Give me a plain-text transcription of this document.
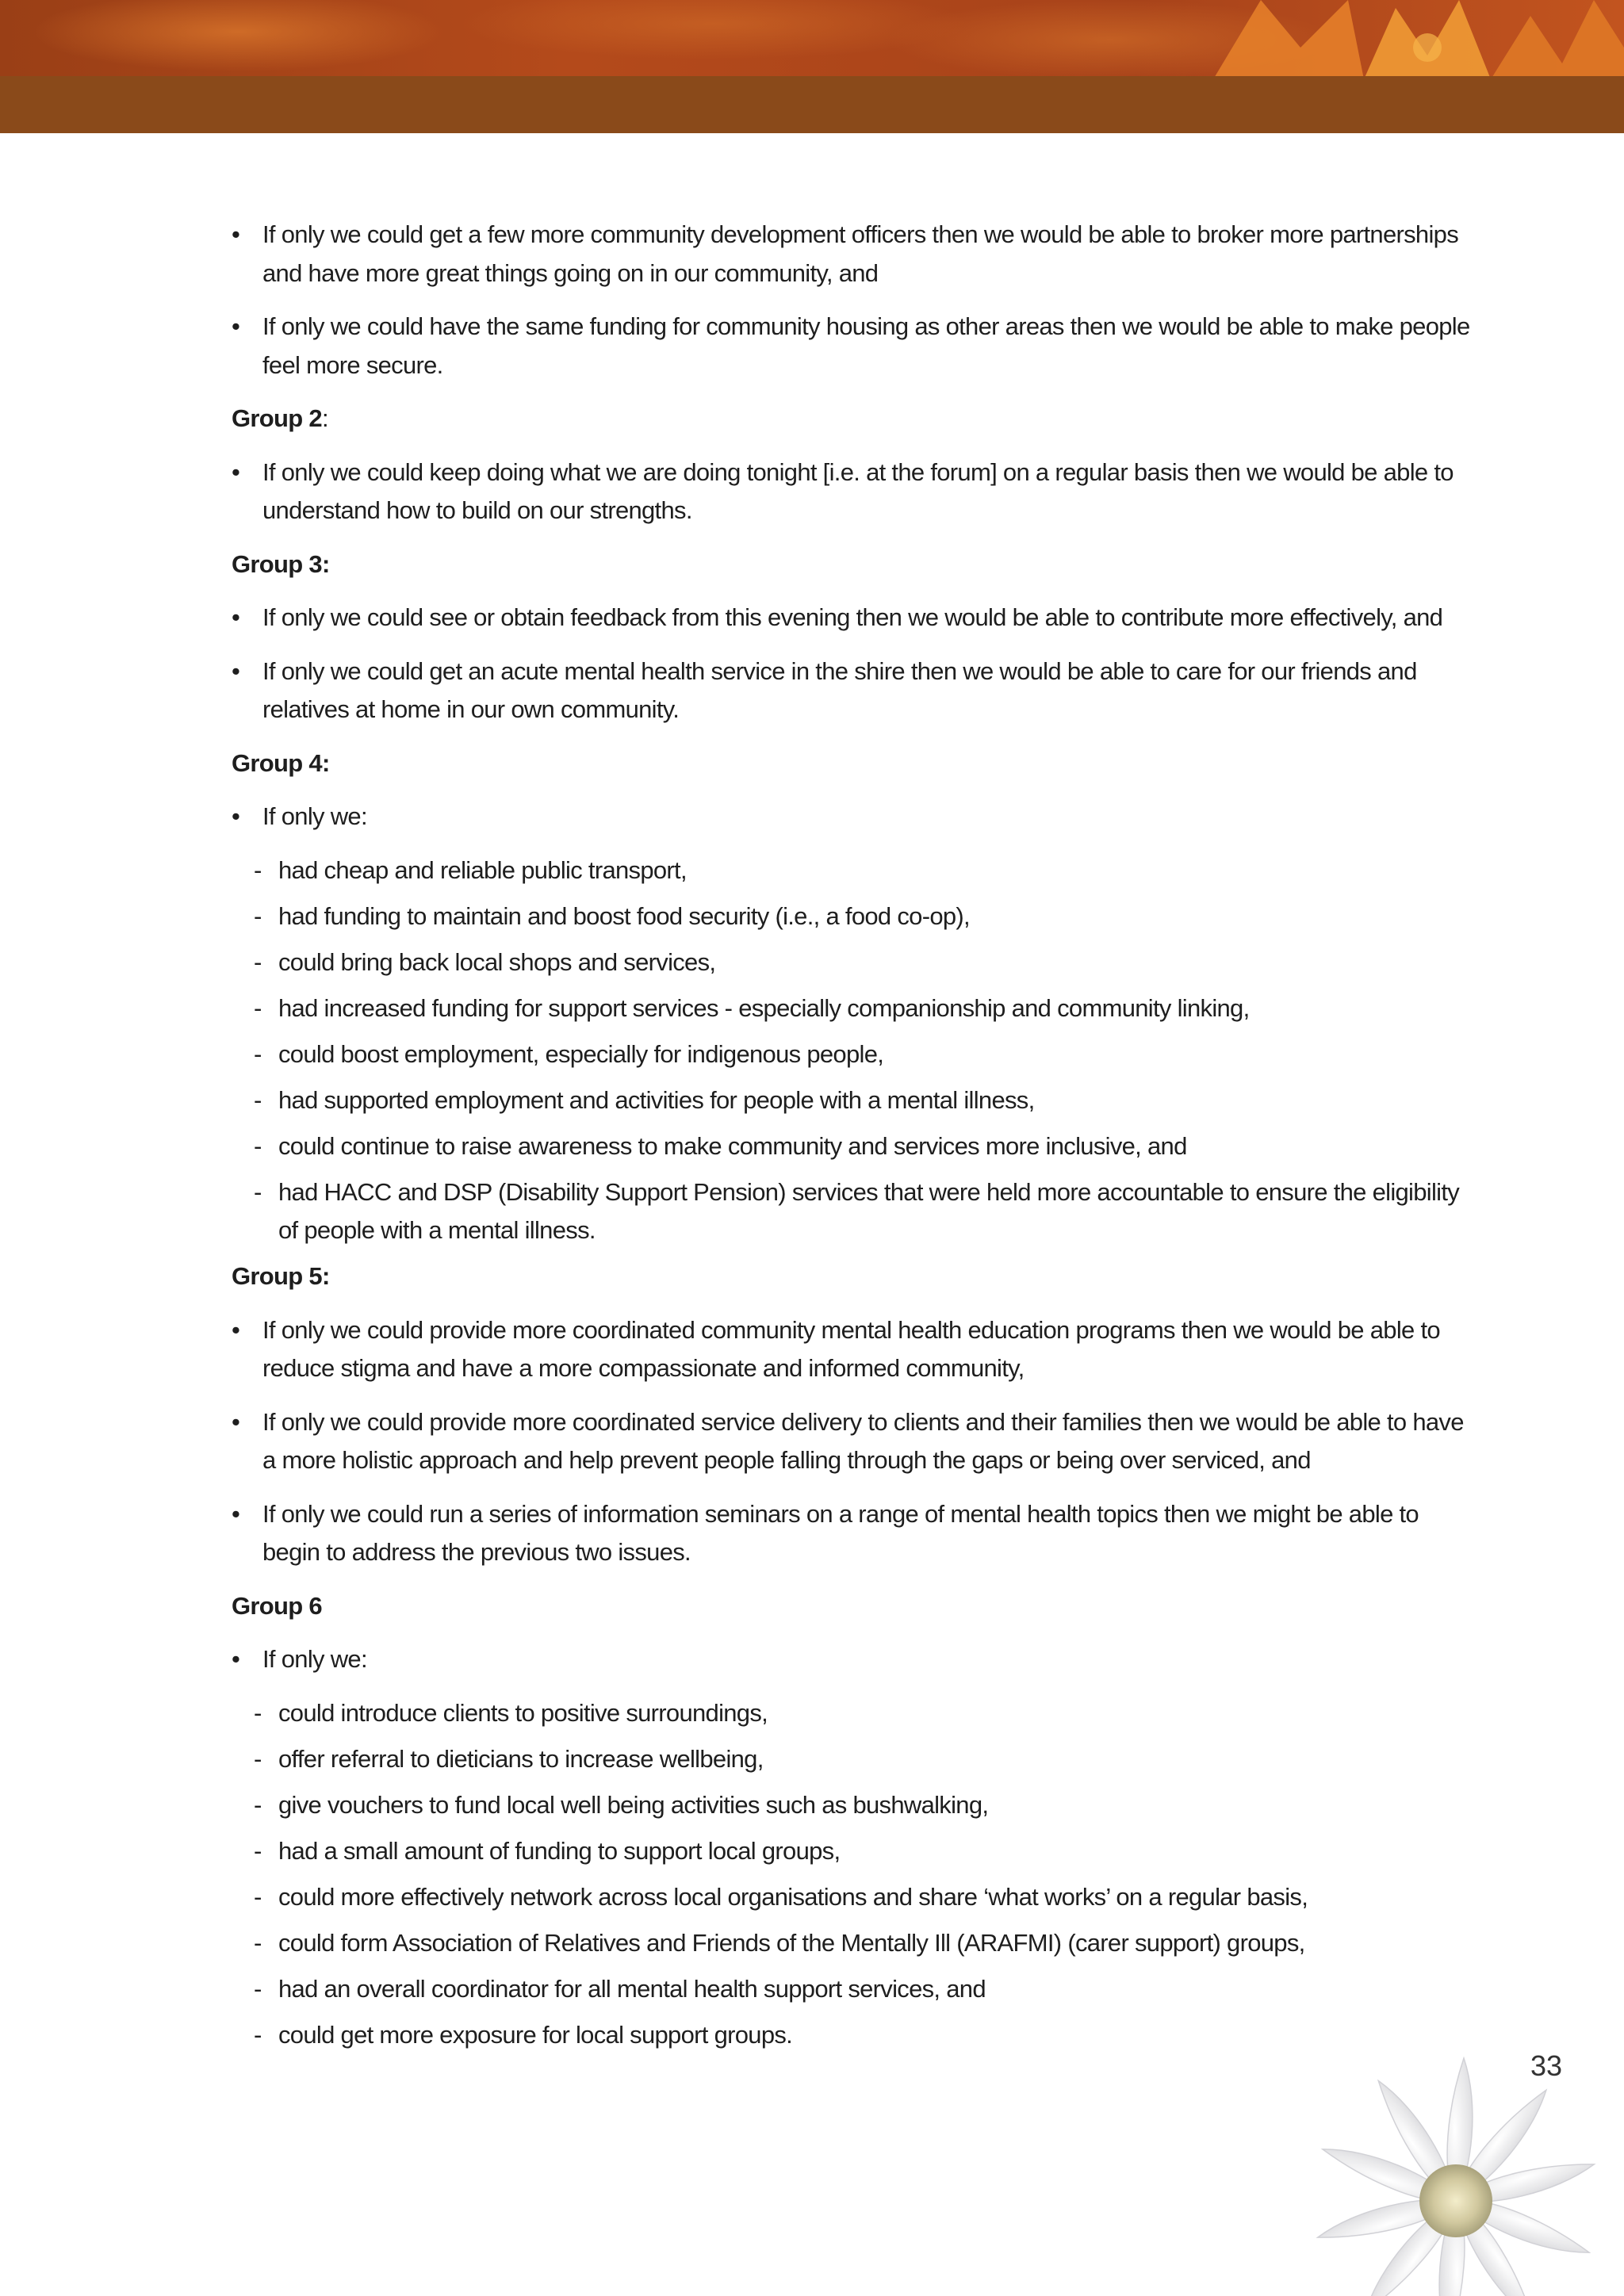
• If only we could get a few more community development officers then we would be able to broker more partnerships and have more great things going on in our community, and
• If only we could have the same funding for community housing as other areas then we would be able to make people feel more secure.
Group 2:
• If only we could keep doing what we are doing tonight [i.e. at the forum] on a regular basis then we would be able to understand how to build on our strengths.
Group 3:
• If only we could see or obtain feedback from this evening then we would be able to contribute more effectively, and
• If only we could get an acute mental health service in the shire then we would be able to care for our friends and relatives at home in our own community.
Group 4:
• If only we:
- had cheap and reliable public transport,
- had funding to maintain and boost food security (i.e., a food co-op),
- could bring back local shops and services,
- had increased funding for support services - especially companionship and community linking,
- could boost employment, especially for indigenous people,
- had supported employment and activities for people with a mental illness,
- could continue to raise awareness to make community and services more inclusive, and
- had HACC and DSP (Disability Support Pension) services that were held more accountable to ensure the eligibility of people with a mental illness.
Group 5:
• If only we could provide more coordinated community mental health education programs then we would be able to reduce stigma and have a more compassionate and informed community,
• If only we could provide more coordinated service delivery to clients and their families then we would be able to have a more holistic approach and help prevent people falling through the gaps or being over serviced, and
• If only we could run a series of information seminars on a range of mental health topics then we might be able to begin to address the previous two issues.
Group 6
• If only we:
- could introduce clients to positive surroundings,
- offer referral to dieticians to increase wellbeing,
- give vouchers to fund local well being activities such as bushwalking,
- had a small amount of funding to support local groups,
- could more effectively network across local organisations and share ‘what works’ on a regular basis,
- could form Association of Relatives and Friends of the Mentally Ill (ARAFMI) (carer support) groups,
- had an overall coordinator for all mental health support services, and
- could get more exposure for local support groups.
33
